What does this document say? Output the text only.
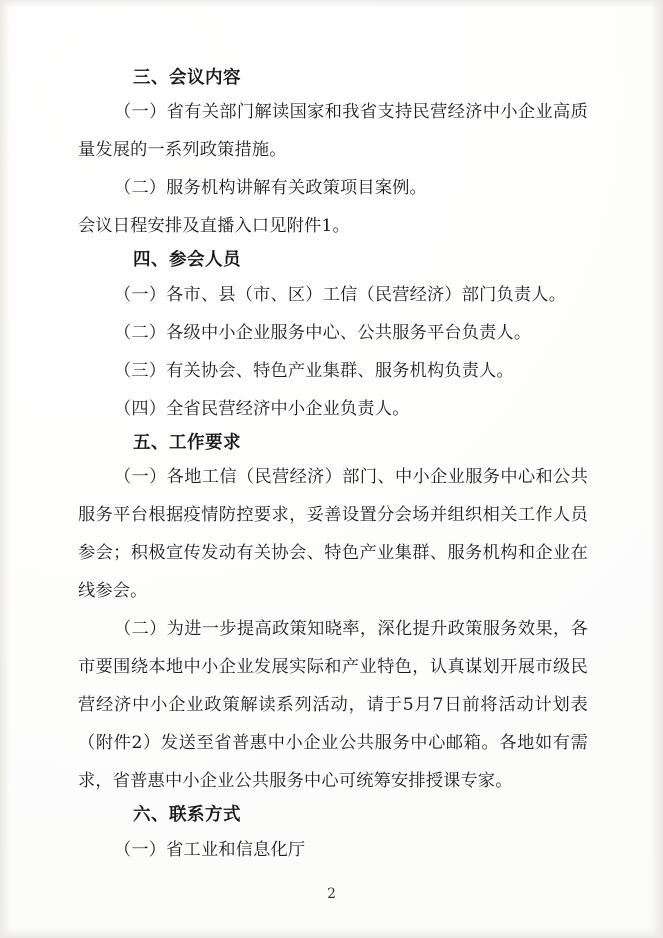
三、会议内容
（一）省有关部门解读国家和我省支持民营经济中小企业高质量发展的一系列政策措施。
（二）服务机构讲解有关政策项目案例。
会议日程安排及直播入口见附件1。
四、参会人员
（一）各市、县（市、区）工信（民营经济）部门负责人。
（二）各级中小企业服务中心、公共服务平台负责人。
（三）有关协会、特色产业集群、服务机构负责人。
（四）全省民营经济中小企业负责人。
五、工作要求
（一）各地工信（民营经济）部门、中小企业服务中心和公共服务平台根据疫情防控要求，妥善设置分会场并组织相关工作人员参会；积极宣传发动有关协会、特色产业集群、服务机构和企业在线参会。
（二）为进一步提高政策知晓率，深化提升政策服务效果，各市要围绕本地中小企业发展实际和产业特色，认真谋划开展市级民营经济中小企业政策解读系列活动，请于5月7日前将活动计划表（附件2）发送至省普惠中小企业公共服务中心邮箱。各地如有需求，省普惠中小企业公共服务中心可统筹安排授课专家。
六、联系方式
（一）省工业和信息化厅
2
